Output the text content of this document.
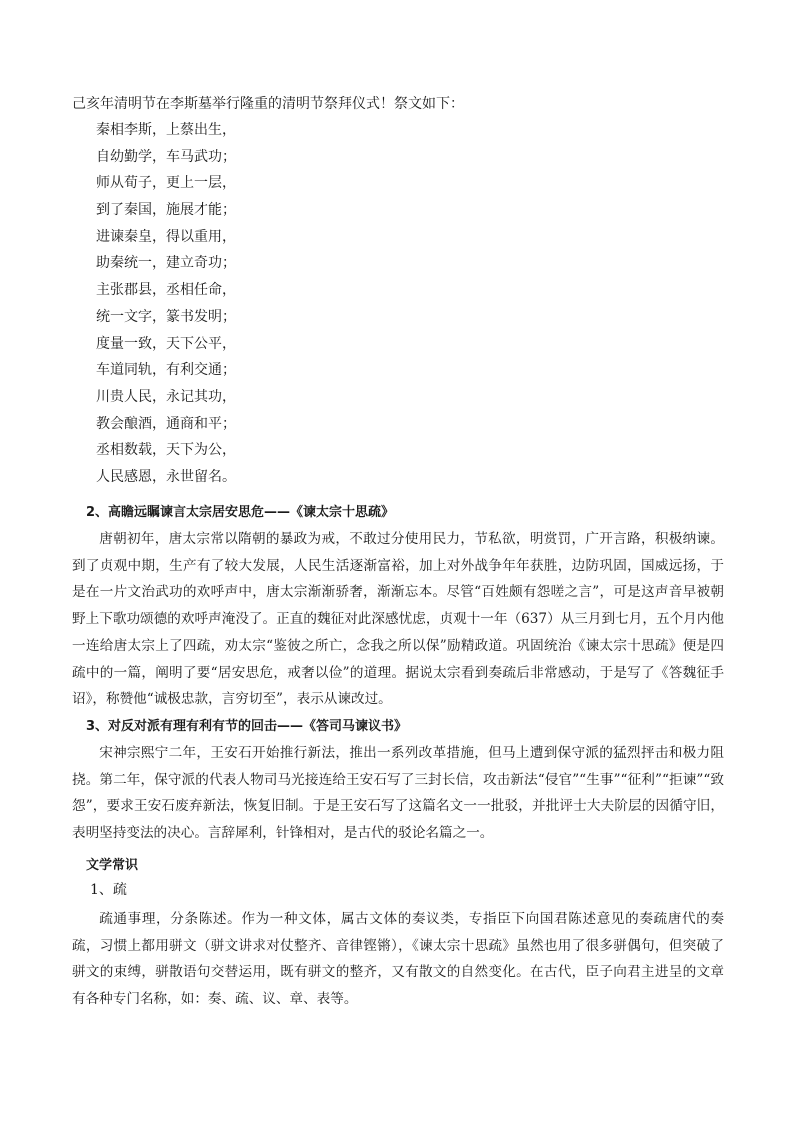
己亥年清明节在李斯墓举行隆重的清明节祭拜仪式！祭文如下：
秦相李斯，上蔡出生，
自幼勤学，车马武功；
师从荀子，更上一层，
到了秦国，施展才能；
进谏秦皇，得以重用，
助秦统一，建立奇功；
主张郡县，丞相任命，
统一文字，篆书发明；
度量一致，天下公平，
车道同轨，有利交通；
川贵人民，永记其功，
教会酿酒，通商和平；
丞相数载，天下为公，
人民感恩，永世留名。
2、高瞻远瞩谏言太宗居安思危——《谏太宗十思疏》
唐朝初年，唐太宗常以隋朝的暴政为戒，不敢过分使用民力，节私欲，明赏罚，广开言路，积极纳谏。到了贞观中期，生产有了较大发展，人民生活逐渐富裕，加上对外战争年年获胜，边防巩固，国威远扬，于是在一片文治武功的欢呼声中，唐太宗渐渐骄奢，渐渐忘本。尽管“百姓颇有怨嗟之言”，可是这声音早被朝野上下歌功颂德的欢呼声淹没了。正直的魏征对此深感忧虑，贞观十一年（637）从三月到七月，五个月内他一连给唐太宗上了四疏，劝太宗“鉴彼之所亡，念我之所以保”励精政道。巩固统治《谏太宗十思疏》便是四疏中的一篇，阐明了要“居安思危，戒奢以俭”的道理。据说太宗看到奏疏后非常感动，于是写了《答魏征手诏》，称赞他“诚极忠款，言穷切至”，表示从谏改过。
3、对反对派有理有利有节的回击——《答司马谏议书》
宋神宗熙宁二年，王安石开始推行新法，推出一系列改革措施，但马上遭到保守派的猛烈抨击和极力阻挠。第二年，保守派的代表人物司马光接连给王安石写了三封长信，攻击新法“侵官”“生事”“征利”“拒谏”“致怨”，要求王安石废弃新法，恢复旧制。于是王安石写了这篇名文一一批驳，并批评士大夫阶层的因循守旧，表明坚持变法的决心。言辞犀利，针锋相对，是古代的驳论名篇之一。
文学常识
1、疏
疏通事理，分条陈述。作为一种文体，属古文体的奏议类，专指臣下向国君陈述意见的奏疏唐代的奏疏，习惯上都用骈文（骈文讲求对仗整齐、音律铿锵），《谏太宗十思疏》虽然也用了很多骈偶句，但突破了骈文的束缚，骈散语句交替运用，既有骈文的整齐，又有散文的自然变化。在古代，臣子向君主进呈的文章有各种专门名称，如：奏、疏、议、章、表等。
